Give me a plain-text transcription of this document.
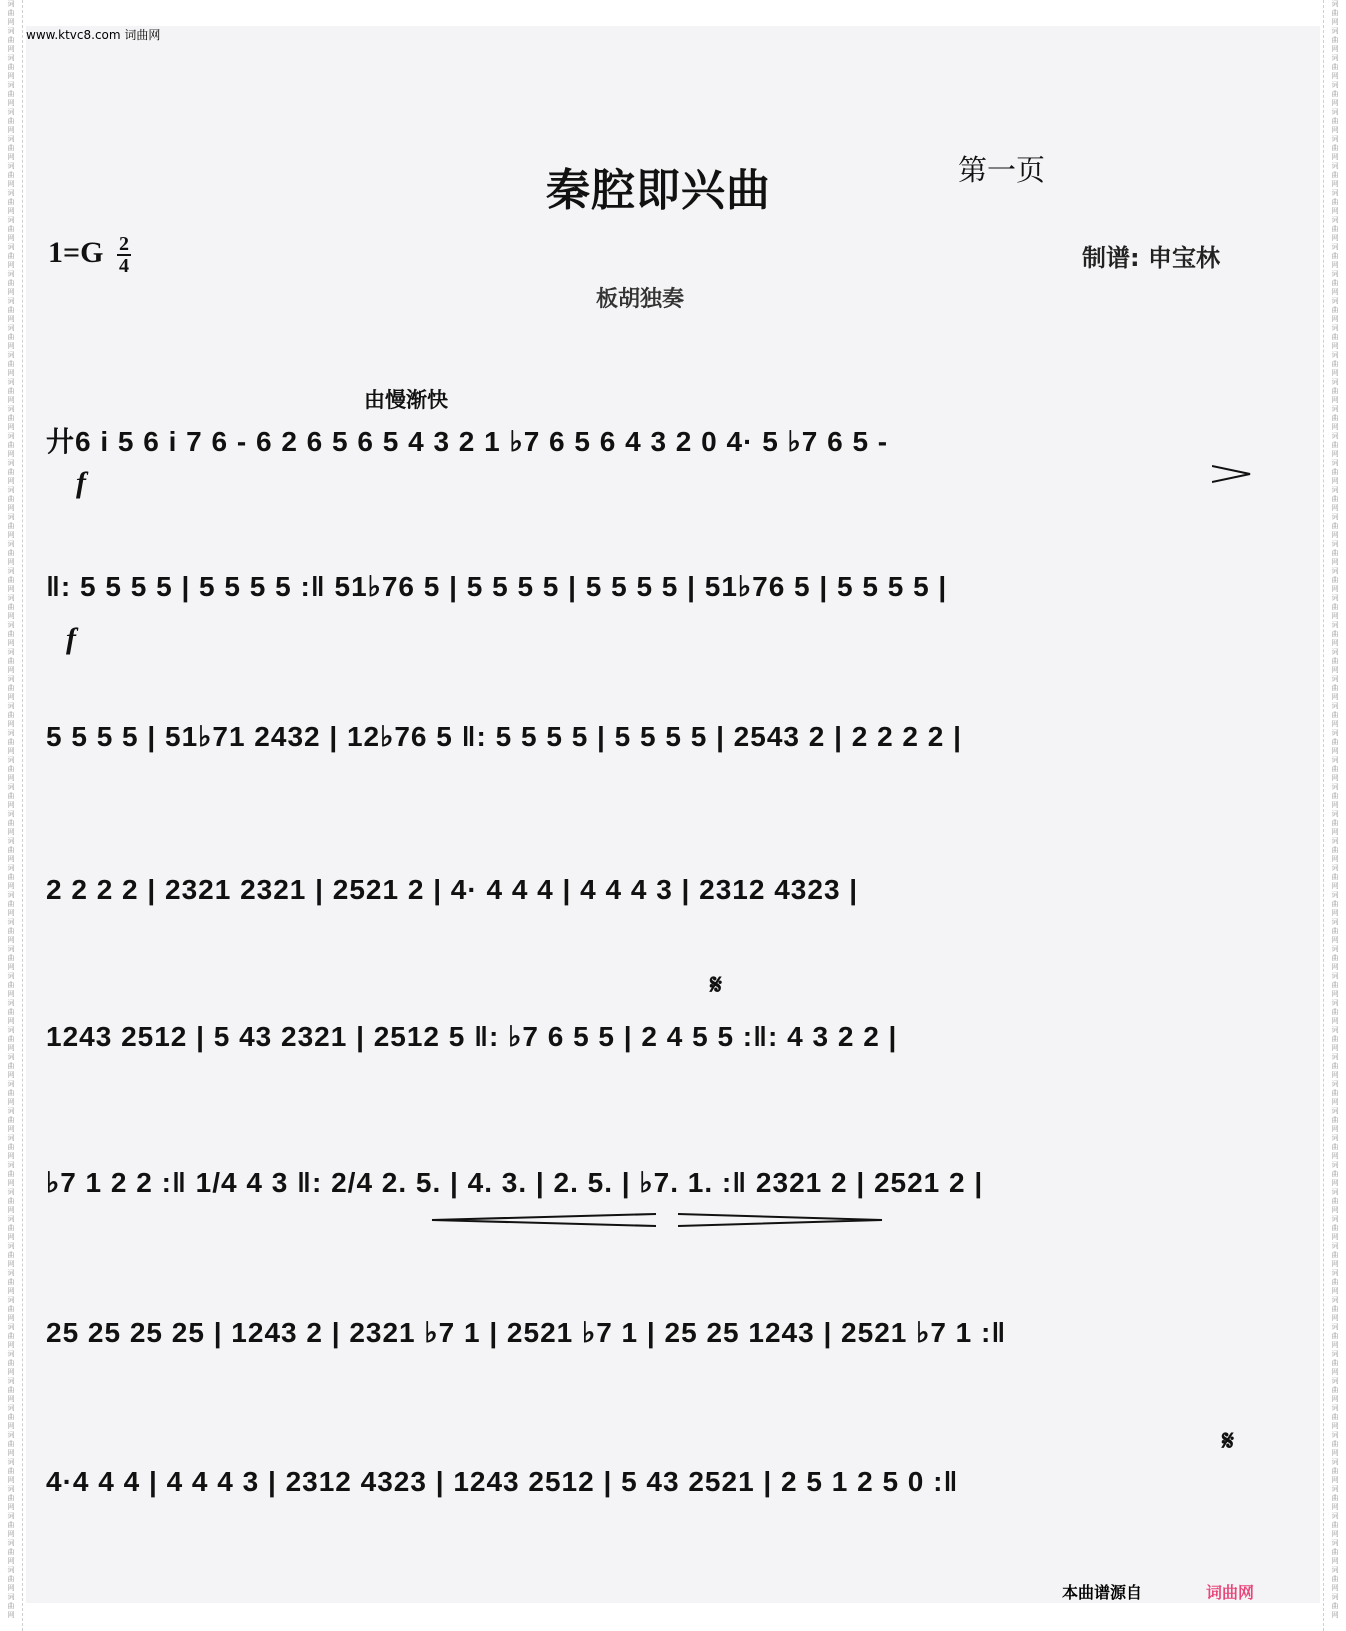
词
曲
网
词
曲
网
词
曲
网
词
曲
网
词
曲
网
词
曲
网
词
曲
网
词
曲
网
词
曲
网
词
曲
网
词
曲
网
词
曲
网
词
曲
网
词
曲
网
词
曲
网
词
曲
网
词
曲
网
词
曲
网
词
曲
网
词
曲
网
词
曲
网
词
曲
网
词
曲
网
词
曲
网
词
曲
网
词
曲
网
词
曲
网
词
曲
网
词
曲
网
词
曲
网
词
曲
网
词
曲
网
词
曲
网
词
曲
网
词
曲
网
词
曲
网
词
曲
网
词
曲
网
词
曲
网
词
曲
网
词
曲
网
词
曲
网
词
曲
网
词
曲
网
词
曲
网
词
曲
网
词
曲
网
词
曲
网
词
曲
网
词
曲
网
词
曲
网
词
曲
网
词
曲
网
词
曲
网
词
曲
网
词
曲
网
词
曲
网
词
曲
网
词
曲
网
词
曲
网
词
曲
网
词
曲
网
词
曲
网
词
曲
网
词
曲
网
词
曲
网
词
曲
网
词
曲
网
词
曲
网
词
曲
网
词
曲
网
词
曲
网
词
曲
网
词
曲
网
词
曲
网
词
曲
网
词
曲
网
词
曲
网
词
曲
网
词
曲
网
词
曲
网
词
曲
网
词
曲
网
词
曲
网
词
曲
网
词
曲
网
词
曲
网
词
曲
网
词
曲
网
词
曲
网
词
曲
网
词
曲
网
词
曲
网
词
曲
网
词
曲
网
词
曲
网
词
曲
网
词
曲
网
词
曲
网
词
曲
网
词
曲
网
词
曲
网
词
曲
网
词
曲
网
词
曲
网
词
曲
网
词
曲
网
词
曲
网
词
曲
网
词
曲
网
词
曲
网
词
曲
网
词
曲
网
词
曲
网
词
曲
网
词
曲
网
词
曲
网
词
曲
网
词
曲
网
词
曲
网
秦腔即兴曲	第一页
$1=G \frac{2}{4}$	制谱: 申宝林
板胡独奏
由慢渐快
f
f
𝄋
𝄋
廾6 i 5 6 i 7 6 - 6 2 6 5 6 5 4 3 2 1 ♭7 6 5 6 4 3 2 0 4· 5 ♭7 6 5 -
‖: 5 5 5 5 | 5 5 5 5 :‖ 51♭76 5 | 5 5 5 5 | 5 5 5 5 | 51♭76 5 | 5 5 5 5 |
5 5 5 5 | 51♭71 2432 | 12♭76 5 ‖: 5 5 5 5 | 5 5 5 5 | 2543 2 | 2 2 2 2 |
2 2 2 2 | 2321 2321 | 2521 2 | 4· 4 4 4 | 4 4 4 3 | 2312 4323 |
1243 2512 | 5 43 2321 | 2512 5 ‖: ♭7 6 5 5 | 2 4 5 5 :‖: 4 3 2 2 |
♭7 1 2 2 :‖ 1/4 4 3 ‖: 2/4 2. 5. | 4. 3. | 2. 5. | ♭7. 1. :‖ 2321 2 | 2521 2 |
25 25 25 25 | 1243 2 | 2321 ♭7 1 | 2521 ♭7 1 | 25 25 1243 | 2521 ♭7 1 :‖
4·4 4 4 | 4 4 4 3 | 2312 4323 | 1243 2512 | 5 43 2521 | 2 5 1 2 5 0 :‖
www.ktvc8.com 词曲网
本曲谱源自	词曲网
